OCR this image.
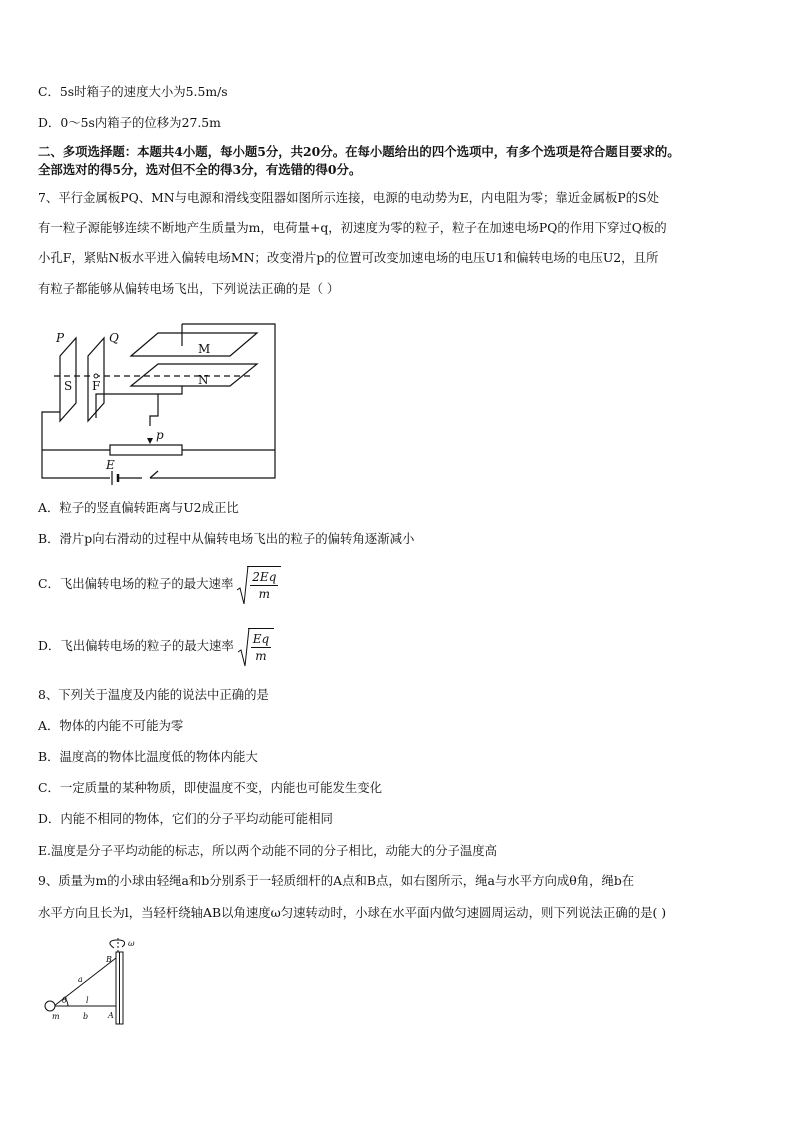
C．5s时箱子的速度大小为5.5m/s
D．0～5s内箱子的位移为27.5m
二、多项选择题：本题共4小题，每小题5分，共20分。在每小题给出的四个选项中，有多个选项是符合题目要求的。
全部选对的得5分，选对但不全的得3分，有选错的得0分。
7、平行金属板PQ、MN与电源和滑线变阻器如图所示连接，电源的电动势为E，内电阻为零；靠近金属板P的S处
有一粒子源能够连续不断地产生质量为m，电荷量+q，初速度为零的粒子，粒子在加速电场PQ的作用下穿过Q板的
小孔F，紧贴N板水平进入偏转电场MN；改变滑片p的位置可改变加速电场的电压U1和偏转电场的电压U2，且所
有粒子都能够从偏转电场飞出，下列说法正确的是（ ）
P	Q
S F
M
N
p
E
A．粒子的竖直偏转距离与U2成正比
B．滑片p向右滑动的过程中从偏转电场飞出的粒子的偏转角逐渐减小
C．飞出偏转电场的粒子的最大速率 $\frac{2Eq}{m}$
D．飞出偏转电场的粒子的最大速率 $\frac{Eq}{m}$
8、下列关于温度及内能的说法中正确的是
A．物体的内能不可能为零
B．温度高的物体比温度低的物体内能大
C．一定质量的某种物质，即使温度不变，内能也可能发生变化
D．内能不相同的物体，它们的分子平均动能可能相同
E.温度是分子平均动能的标志，所以两个动能不同的分子相比，动能大的分子温度高
9、质量为m的小球由轻绳a和b分别系于一轻质细杆的A点和B点，如右图所示，绳a与水平方向成θ角，绳b在
水平方向且长为l，当轻杆绕轴AB以角速度ω匀速转动时，小球在水平面内做匀速圆周运动，则下列说法正确的是( )
ω
B
a
θ l
m	b A
